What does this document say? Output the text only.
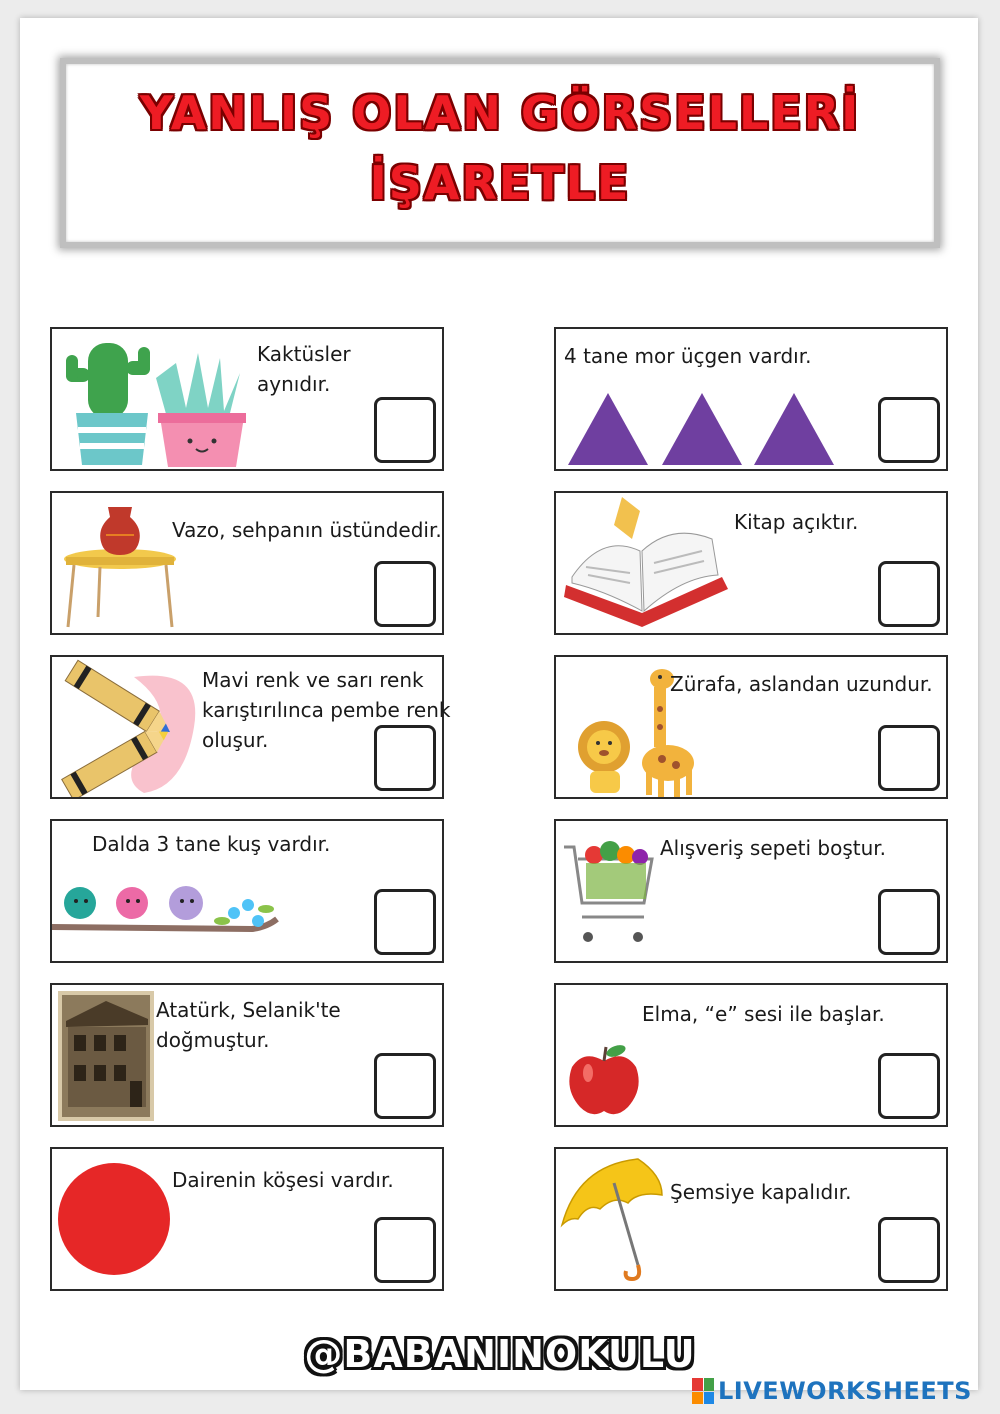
YANLIŞ OLAN GÖRSELLERİ
İŞARETLE
Kaktüsler
aynıdır.
4 tane mor üçgen vardır.
Vazo, sehpanın üstündedir.	Kitap açıktır.
Mavi renk ve sarı renk
karıştırılınca pembe renk
oluşur.
Zürafa, aslandan uzundur.
Dalda 3 tane kuş vardır.	Alışveriş sepeti boştur.
Atatürk, Selanik'te
doğmuştur.
Elma, “e” sesi ile başlar.
Dairenin köşesi vardır.	Şemsiye kapalıdır.
@BABANINOKULU
LIVEWORKSHEETS
